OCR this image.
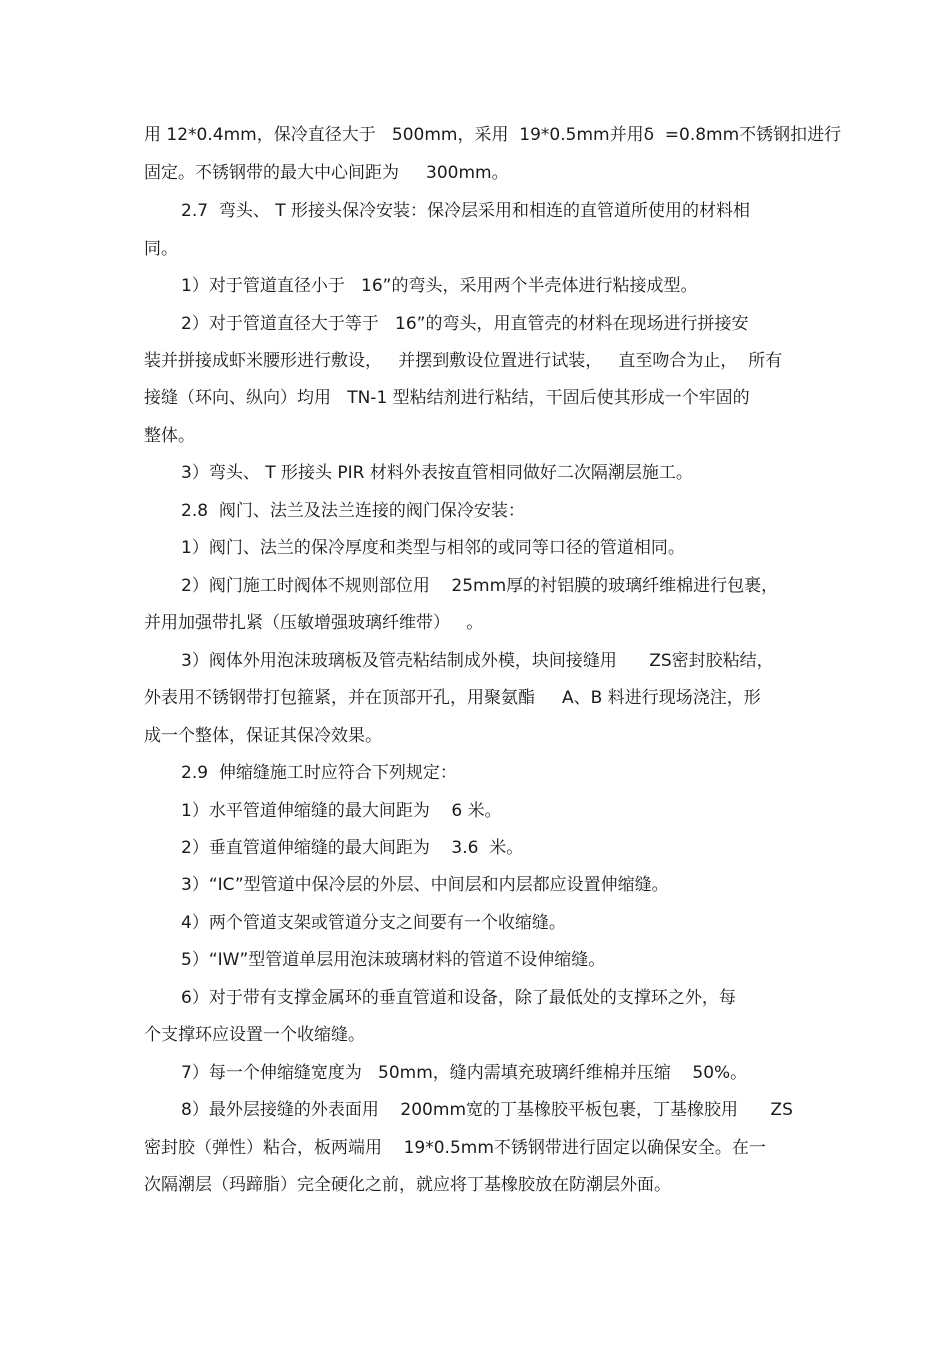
用 12*0.4mm，保冷直径大于   500mm，采用  19*0.5mm并用δ  =0.8mm不锈钢扣进行
固定。不锈钢带的最大中心间距为     300mm。
2.7  弯头、 T 形接头保冷安装：保冷层采用和相连的直管道所使用的材料相
同。
1）对于管道直径小于   16”的弯头，采用两个半壳体进行粘接成型。
2）对于管道直径大于等于   16”的弯头，用直管壳的材料在现场进行拼接安
装并拼接成虾米腰形进行敷设，   并摆到敷设位置进行试装，   直至吻合为止，  所有
接缝（环向、纵向）均用   TN-1 型粘结剂进行粘结，干固后使其形成一个牢固的
整体。
3）弯头、 T 形接头 PIR 材料外表按直管相同做好二次隔潮层施工。
2.8  阀门、法兰及法兰连接的阀门保冷安装：
1）阀门、法兰的保冷厚度和类型与相邻的或同等口径的管道相同。
2）阀门施工时阀体不规则部位用    25mm厚的衬铝膜的玻璃纤维棉进行包裹，
并用加强带扎紧（压敏增强玻璃纤维带）   。
3）阀体外用泡沫玻璃板及管壳粘结制成外模，块间接缝用      ZS密封胶粘结，
外表用不锈钢带打包箍紧，并在顶部开孔，用聚氨酯     A、B 料进行现场浇注，形
成一个整体，保证其保冷效果。
2.9  伸缩缝施工时应符合下列规定：
1）水平管道伸缩缝的最大间距为    6 米。
2）垂直管道伸缩缝的最大间距为    3.6  米。
3）“IC”型管道中保冷层的外层、中间层和内层都应设置伸缩缝。
4）两个管道支架或管道分支之间要有一个收缩缝。
5）“IW”型管道单层用泡沫玻璃材料的管道不设伸缩缝。
6）对于带有支撑金属环的垂直管道和设备，除了最低处的支撑环之外，每
个支撑环应设置一个收缩缝。
7）每一个伸缩缝宽度为   50mm，缝内需填充玻璃纤维棉并压缩    50%。
8）最外层接缝的外表面用    200mm宽的丁基橡胶平板包裹，丁基橡胶用      ZS
密封胶（弹性）粘合，板两端用    19*0.5mm不锈钢带进行固定以确保安全。在一
次隔潮层（玛蹄脂）完全硬化之前，就应将丁基橡胶放在防潮层外面。
